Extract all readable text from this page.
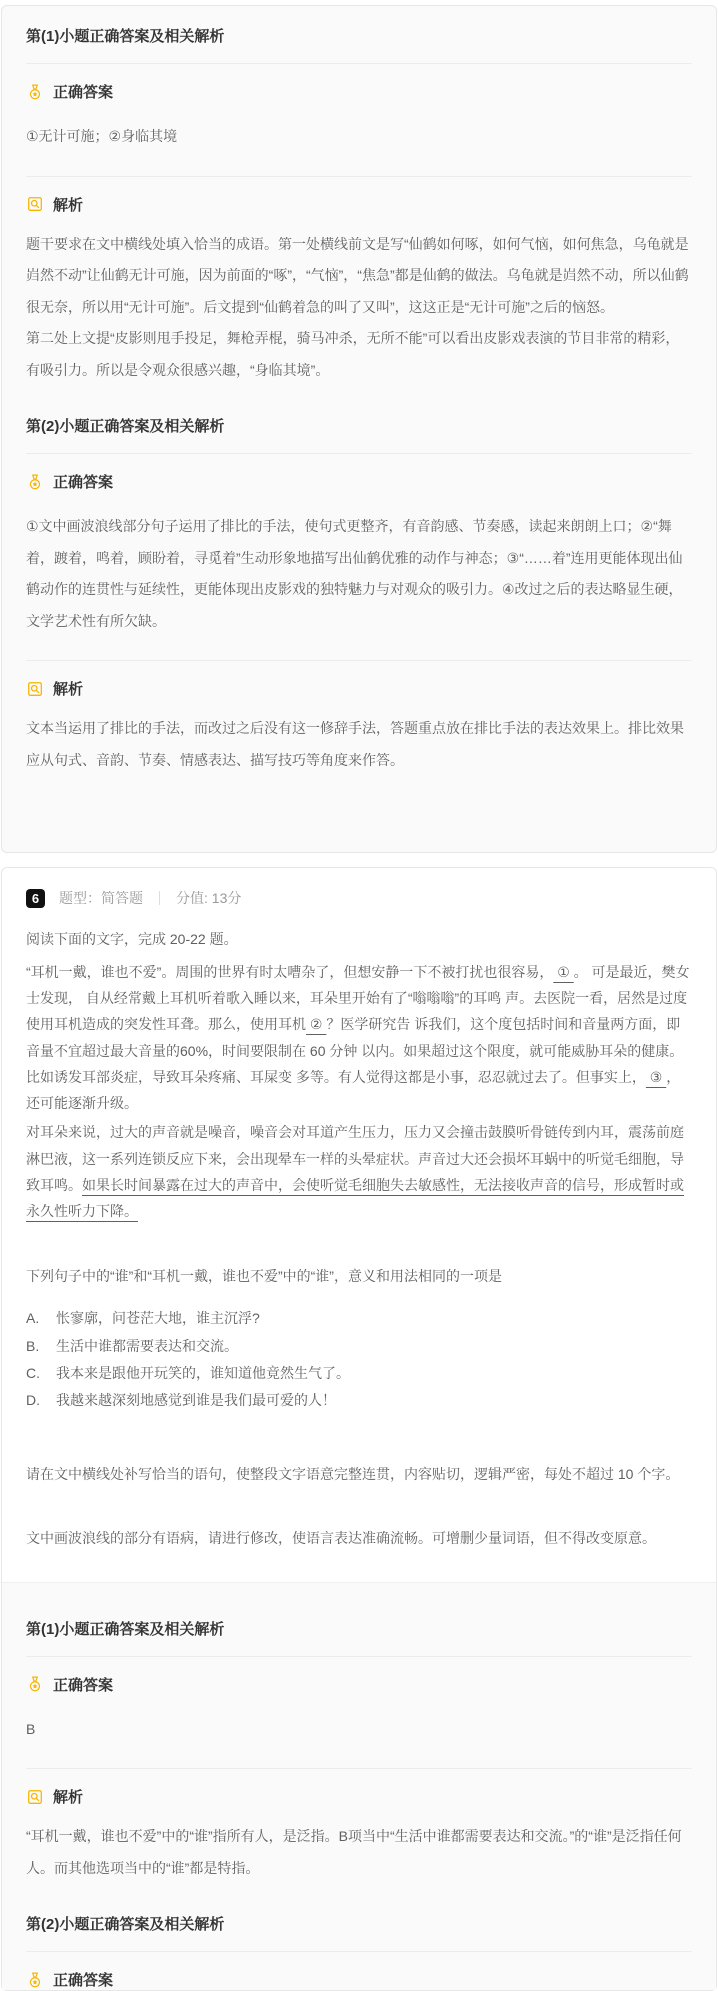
第(1)小题正确答案及相关解析
正确答案

①无计可施；②身临其境

解析

题干要求在文中横线处填入恰当的成语。第一处横线前文是写“仙鹤如何啄，如何气恼，如何焦急，乌龟就是岿然不动”让仙鹤无计可施，因为前面的“啄”，“气恼”，“焦急”都是仙鹤的做法。乌龟就是岿然不动，所以仙鹤很无奈，所以用“无计可施”。后文提到“仙鹤着急的叫了又叫”，这这正是“无计可施”之后的恼怒。

第二处上文提“皮影则甩手投足，舞枪弄棍，骑马冲杀，无所不能”可以看出皮影戏表演的节目非常的精彩，有吸引力。所以是令观众很感兴趣，“身临其境”。

第(2)小题正确答案及相关解析
正确答案

①文中画波浪线部分句子运用了排比的手法，使句式更整齐，有音韵感、节奏感，读起来朗朗上口；②“舞着，踱着，鸣着，顾盼着，寻觅着”生动形象地描写出仙鹤优雅的动作与神态；③“……着”连用更能体现出仙鹤动作的连贯性与延续性，更能体现出皮影戏的独特魅力与对观众的吸引力。④改过之后的表达略显生硬，文学艺术性有所欠缺。

解析

文本当运用了排比的手法，而改过之后没有这一修辞手法，答题重点放在排比手法的表达效果上。排比效果应从句式、音韵、节奏、情感表达、描写技巧等角度来作答。

6	题型：简答题 分值: 13分

阅读下面的文字，完成 20-22 题。

“耳机一戴，谁也不爱”。周围的世界有时太嘈杂了，但想安静一下不被打扰也很容易， ① 。 可是最近，樊女士发现， 自从经常戴上耳机听着歌入睡以来，耳朵里开始有了“嗡嗡嗡”的耳鸣 声。去医院一看，居然是过度使用耳机造成的突发性耳聋。那么，使用耳机 ② ？医学研究告 诉我们，这个度包括时间和音量两方面，即音量不宜超过最大音量的60%，时间要限制在 60 分钟 以内。如果超过这个限度，就可能威胁耳朵的健康。比如诱发耳部炎症，导致耳朵疼痛、耳屎变 多等。有人觉得这都是小事，忍忍就过去了。但事实上， ③ ，还可能逐渐升级。

对耳朵来说，过大的声音就是噪音，噪音会对耳道产生压力，压力又会撞击鼓膜听骨链传到内耳，震荡前庭淋巴液，这一系列连锁反应下来，会出现晕车一样的头晕症状。声音过大还会损坏耳蜗中的听觉毛细胞，导致耳鸣。如果长时间暴露在过大的声音中，会使听觉毛细胞失去敏感性，无法接收声音的信号，形成暂时或永久性听力下降。

下列句子中的“谁”和“耳机一戴，谁也不爱”中的“谁”，意义和用法相同的一项是

A.	怅寥廓，问苍茫大地，谁主沉浮?
B.	生活中谁都需要表达和交流。
C.	我本来是跟他开玩笑的，谁知道他竟然生气了。
D.	我越来越深刻地感觉到谁是我们最可爱的人！

请在文中横线处补写恰当的语句，使整段文字语意完整连贯，内容贴切，逻辑严密，每处不超过 10 个字。

文中画波浪线的部分有语病，请进行修改，使语言表达准确流畅。可增删少量词语，但不得改变原意。

第(1)小题正确答案及相关解析
正确答案

B

解析

“耳机一戴，谁也不爱”中的“谁”指所有人，是泛指。B项当中“生活中谁都需要表达和交流。”的“谁”是泛指任何人。而其他选项当中的“谁”都是特指。

第(2)小题正确答案及相关解析
正确答案
